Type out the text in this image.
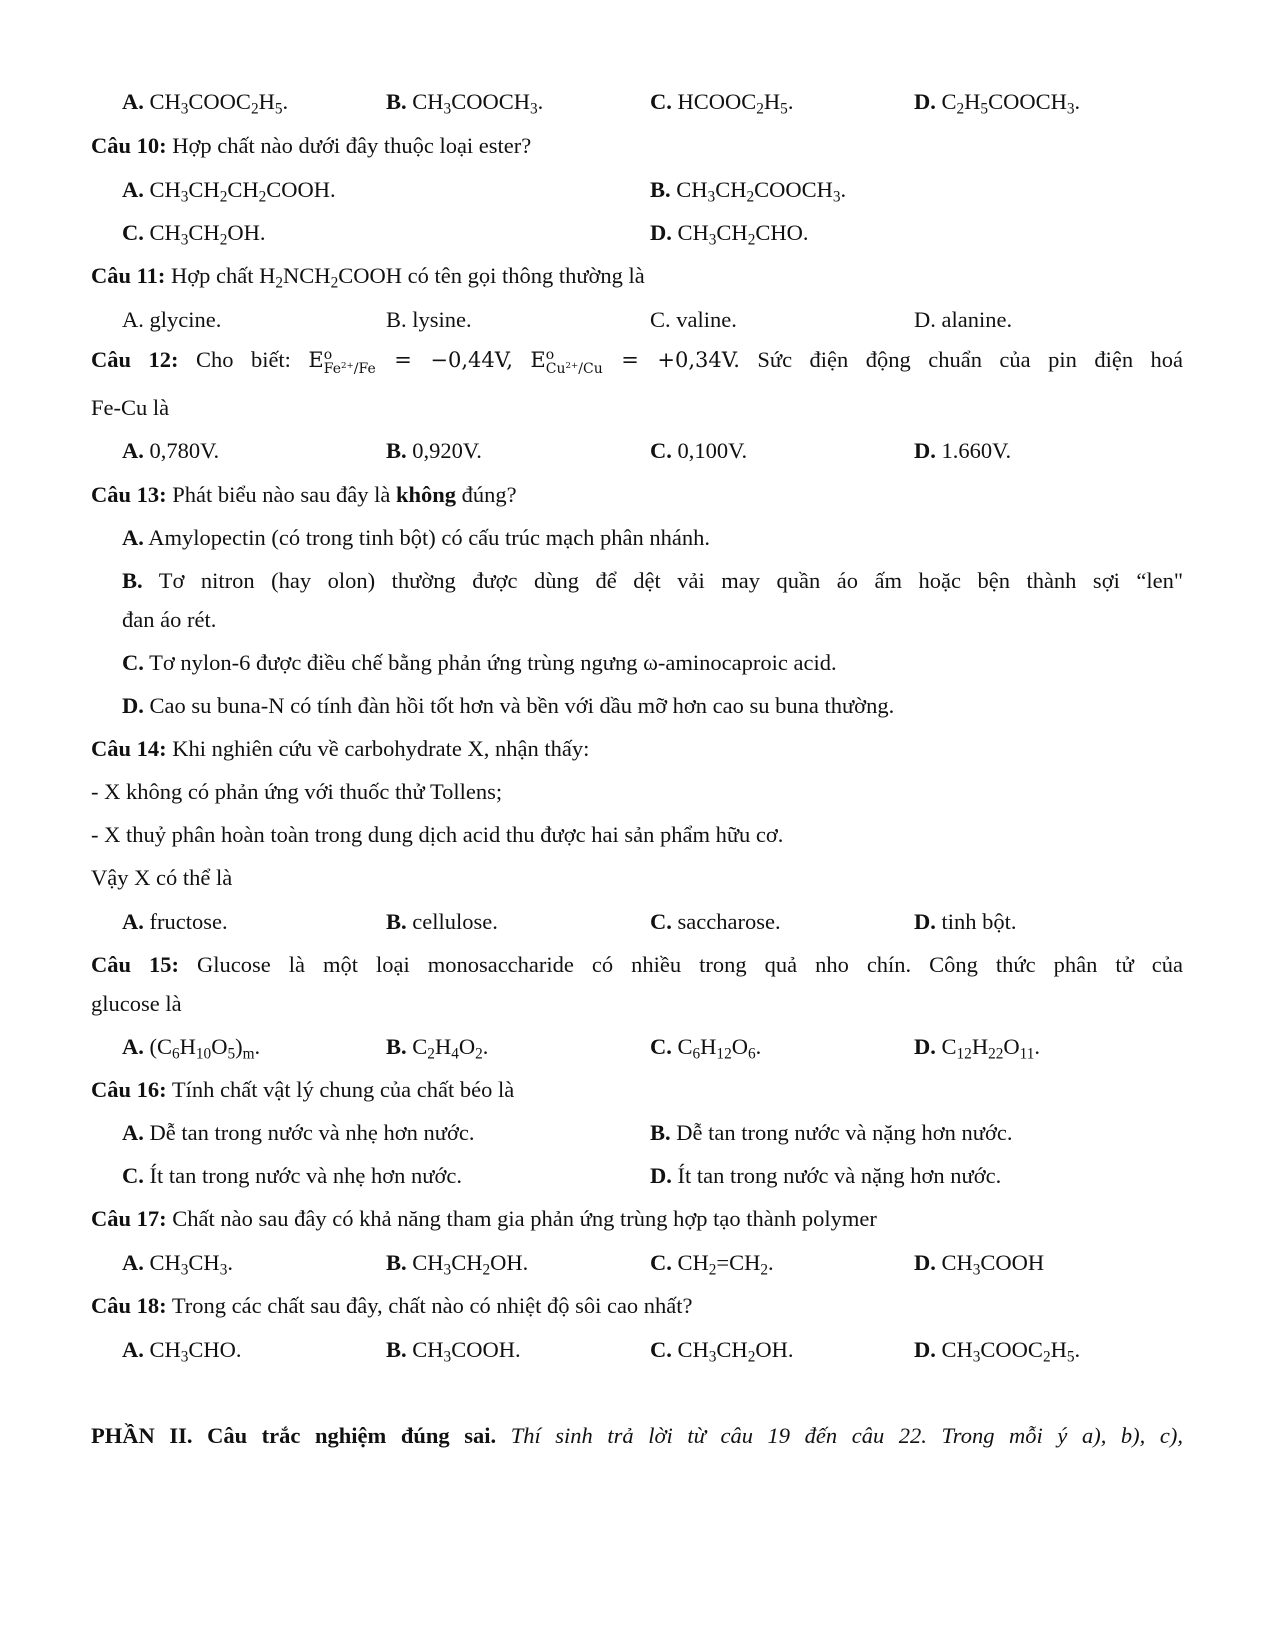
A. $CH_3COOC_2H_5$.	B. $CH_3COOCH_3$.	C. $HCOOC_2H_5$.	D. $C_2H_5COOCH_3$.
Câu 10: Hợp chất nào dưới đây thuộc loại ester?
A. $CH_3CH_2CH_2COOH$.	B. $CH_3CH_2COOCH_3$.
C. $CH_3CH_2OH$.	D. $CH_3CH_2CHO$.
Câu 11: Hợp chất $H_2NCH_2COOH$ có tên gọi thông thường là
A. glycine.	B. lysine.	C. valine.	D. alanine.
Câu 12: Cho biết: E o
$Fe^{2+}/Fe = -0,44V$, E o
$Cu^{2+}/Cu = +0,34V$. Sức điện động chuẩn của pin điện hoá
Fe-Cu là
A. 0,780V.	B. 0,920V.	C. 0,100V.	D. 1.660V.
Câu 13: Phát biểu nào sau đây là không đúng?
A. Amylopectin (có trong tinh bột) có cấu trúc mạch phân nhánh.
B. Tơ nitron (hay olon) thường được dùng để dệt vải may quần áo ấm hoặc bện thành sợi “len"
đan áo rét.
C. Tơ nylon-6 được điều chế bằng phản ứng trùng ngưng ω-aminocaproic acid.
D. Cao su buna-N có tính đàn hồi tốt hơn và bền với dầu mỡ hơn cao su buna thường.
Câu 14: Khi nghiên cứu về carbohydrate X, nhận thấy:
- X không có phản ứng với thuốc thử Tollens;
- X thuỷ phân hoàn toàn trong dung dịch acid thu được hai sản phẩm hữu cơ.
Vậy X có thể là
A. fructose.	B. cellulose.	C. saccharose.	D. tinh bột.
Câu 15: Glucose là một loại monosaccharide có nhiều trong quả nho chín. Công thức phân tử của
glucose là
A. $(C_6H_{10}O_5)_m$.	B. $C_2H_4O_2$.	C. $C_6H_{12}O_6$.	D. $C_{12}H_{22}O_{11}$.
Câu 16: Tính chất vật lý chung của chất béo là
A. Dễ tan trong nước và nhẹ hơn nước.	B. Dễ tan trong nước và nặng hơn nước.
C. Ít tan trong nước và nhẹ hơn nước.	D. Ít tan trong nước và nặng hơn nước.
Câu 17: Chất nào sau đây có khả năng tham gia phản ứng trùng hợp tạo thành polymer
A. $CH_3CH_3$.	B. $CH_3CH_2OH$.	C. $CH_2=CH_2$.	D. $CH_3COOH$
Câu 18: Trong các chất sau đây, chất nào có nhiệt độ sôi cao nhất?
A. $CH_3CHO$.	B. $CH_3COOH$.	C. $CH_3CH_2OH$.	D. $CH_3COOC_2H_5$.
PHẦN II. Câu trắc nghiệm đúng sai. Thí sinh trả lời từ câu 19 đến câu 22. Trong mỗi ý a), b), c),
